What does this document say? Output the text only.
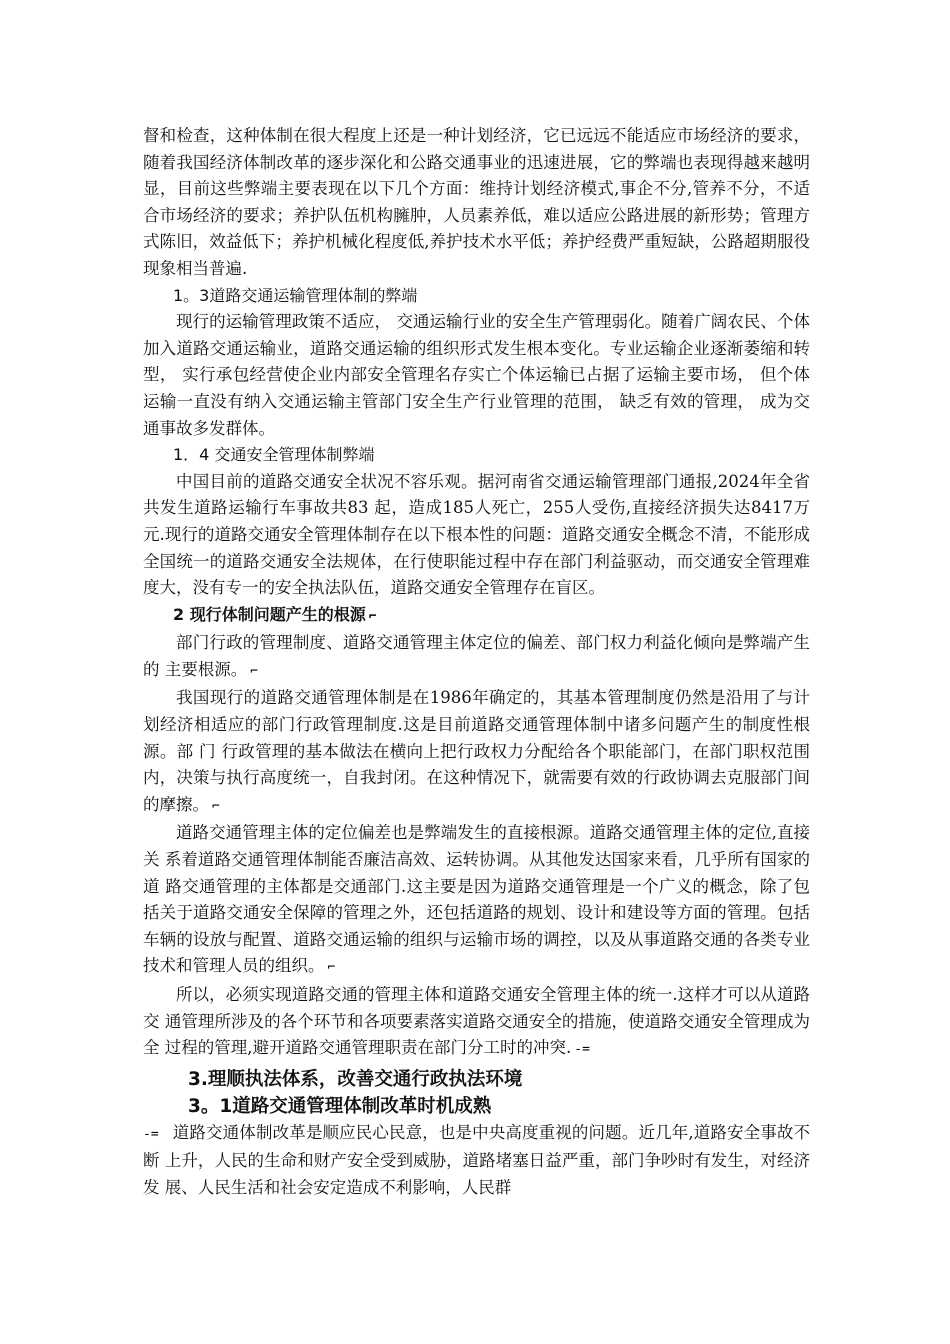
督和检查，这种体制在很大程度上还是一种计划经济，它已远远不能适应市场经济的要求，随着我国经济体制改革的逐步深化和公路交通事业的迅速进展，它的弊端也表现得越来越明显，目前这些弊端主要表现在以下几个方面：维持计划经济模式,事企不分,管养不分，不适合市场经济的要求；养护队伍机构臃肿，人员素养低，难以适应公路进展的新形势；管理方式陈旧，效益低下；养护机械化程度低,养护技术水平低；养护经费严重短缺，公路超期服役现象相当普遍.

1。3道路交通运输管理体制的弊端

现行的运输管理政策不适应， 交通运输行业的安全生产管理弱化。随着广阔农民、个体加入道路交通运输业，道路交通运输的组织形式发生根本变化。专业运输企业逐渐萎缩和转型， 实行承包经营使企业内部安全管理名存实亡个体运输已占据了运输主要市场， 但个体运输一直没有纳入交通运输主管部门安全生产行业管理的范围， 缺乏有效的管理， 成为交通事故多发群体。

1．4 交通安全管理体制弊端

中国目前的道路交通安全状况不容乐观。据河南省交通运输管理部门通报,2024年全省共发生道路运输行车事故共83 起，造成185人死亡，255人受伤,直接经济损失达8417万元.现行的道路交通安全管理体制存在以下根本性的问题：道路交通安全概念不清，不能形成全国统一的道路交通安全法规体，在行使职能过程中存在部门利益驱动，而交通安全管理难度大，没有专一的安全执法队伍，道路交通安全管理存在盲区。

2 现行体制问题产生的根源 ⌐

部门行政的管理制度、道路交通管理主体定位的偏差、部门权力利益化倾向是弊端产生的 主要根源。 ⌐

我国现行的道路交通管理体制是在1986年确定的，其基本管理制度仍然是沿用了与计划经济相适应的部门行政管理制度.这是目前道路交通管理体制中诸多问题产生的制度性根源。部 门 行政管理的基本做法在横向上把行政权力分配给各个职能部门，在部门职权范围内，决策与执行高度统一，自我封闭。在这种情况下，就需要有效的行政协调去克服部门间的摩擦。 ⌐

道路交通管理主体的定位偏差也是弊端发生的直接根源。道路交通管理主体的定位,直接关 系着道路交通管理体制能否廉洁高效、运转协调。从其他发达国家来看，几乎所有国家的道 路交通管理的主体都是交通部门.这主要是因为道路交通管理是一个广义的概念，除了包 括关于道路交通安全保障的管理之外，还包括道路的规划、设计和建设等方面的管理。包括 车辆的设放与配置、道路交通运输的组织与运输市场的调控，以及从事道路交通的各类专业 技术和管理人员的组织。 ⌐

所以，必须实现道路交通的管理主体和道路交通安全管理主体的统一.这样才可以从道路交 通管理所涉及的各个环节和各项要素落实道路交通安全的措施，使道路交通安全管理成为全 过程的管理,避开道路交通管理职责在部门分工时的冲突. ‐=

3.理顺执法体系，改善交通行政执法环境

3。1道路交通管理体制改革时机成熟

‐= 道路交通体制改革是顺应民心民意，也是中央高度重视的问题。近几年,道路安全事故不断 上升，人民的生命和财产安全受到威胁，道路堵塞日益严重，部门争吵时有发生，对经济发 展、人民生活和社会安定造成不利影响，人民群
